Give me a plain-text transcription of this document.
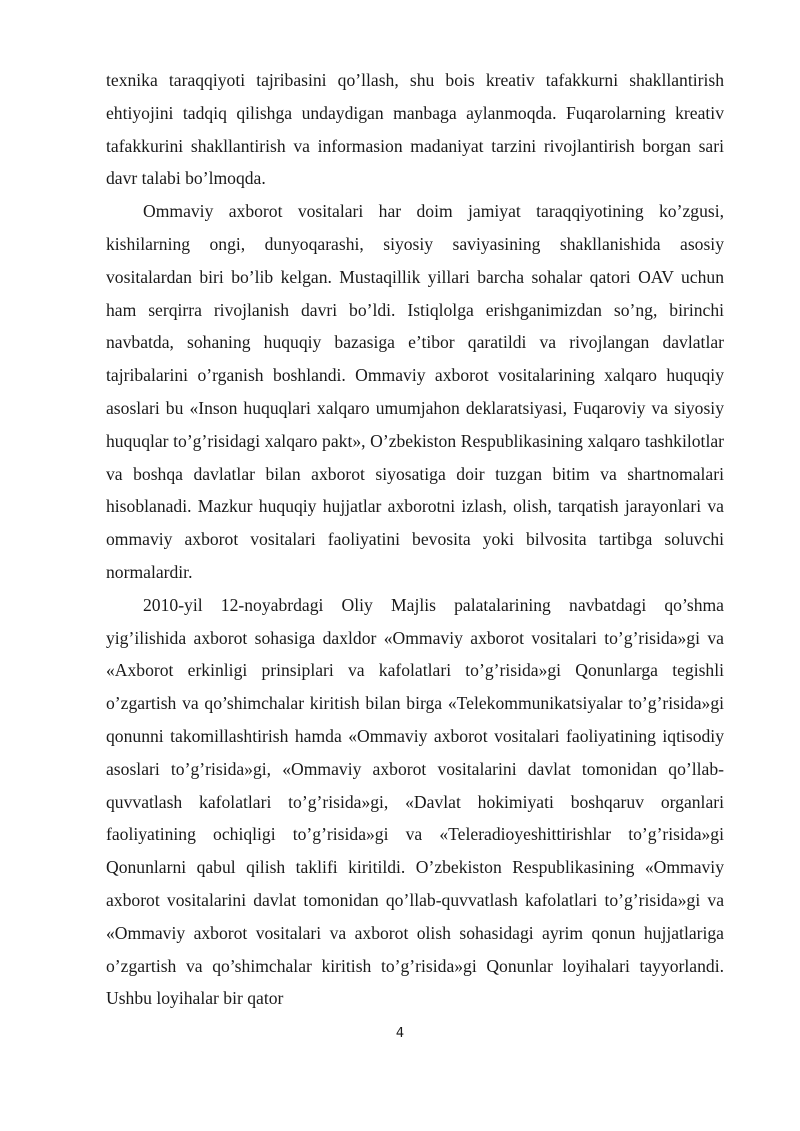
texnika taraqqiyoti tajribasini qo’llash, shu bois kreativ tafakkurni shakllantirish ehtiyojini tadqiq qilishga undaydigan manbaga aylanmoqda. Fuqarolarning kreativ tafakkurini shakllantirish va informasion madaniyat tarzini rivojlantirish borgan sari davr talabi bo’lmoqda.

Ommaviy axborot vositalari har doim jamiyat taraqqiyotining ko’zgusi, kishilarning ongi, dunyoqarashi, siyosiy saviyasining shakllanishida asosiy vositalardan biri bo’lib kelgan. Mustaqillik yillari barcha sohalar qatori OAV uchun ham serqirra rivojlanish davri bo’ldi. Istiqlolga erishganimizdan so’ng, birinchi navbatda, sohaning huquqiy bazasiga e’tibor qaratildi va rivojlangan davlatlar tajribalarini o’rganish boshlandi. Ommaviy axborot vositalarining xalqaro huquqiy asoslari bu «Inson huquqlari xalqaro umumjahon deklaratsiyasi, Fuqaroviy va siyosiy huquqlar to’g’risidagi xalqaro pakt», O’zbekiston Respublikasining xalqaro tashkilotlar va boshqa davlatlar bilan axborot siyosatiga doir tuzgan bitim va shartnomalari hisoblanadi. Mazkur huquqiy hujjatlar axborotni izlash, olish, tarqatish jarayonlari va ommaviy axborot vositalari faoliyatini bevosita yoki bilvosita tartibga soluvchi normalardir.

2010-yil 12-noyabrdagi Oliy Majlis palatalarining navbatdagi qo’shma yig’ilishida axborot sohasiga daxldor «Ommaviy axborot vositalari to’g’risida»gi va «Axborot erkinligi prinsiplari va kafolatlari to’g’risida»gi Qonunlarga tegishli o’zgartish va qo’shimchalar kiritish bilan birga «Telekommunikatsiyalar to’g’risida»gi qonunni takomillashtirish hamda «Ommaviy axborot vositalari faoliyatining iqtisodiy asoslari to’g’risida»gi, «Ommaviy axborot vositalarini davlat tomonidan qo’llab-quvvatlash kafolatlari to’g’risida»gi, «Davlat hokimiyati boshqaruv organlari faoliyatining ochiqligi to’g’risida»gi va «Teleradioyeshittirishlar to’g’risida»gi Qonunlarni qabul qilish taklifi kiritildi. O’zbekiston Respublikasining «Ommaviy axborot vositalarini davlat tomonidan qo’llab-quvvatlash kafolatlari to’g’risida»gi va «Ommaviy axborot vositalari va axborot olish sohasidagi ayrim qonun hujjatlariga o’zgartish va qo’shimchalar kiritish to’g’risida»gi Qonunlar loyihalari tayyorlandi. Ushbu loyihalar bir qator

4
